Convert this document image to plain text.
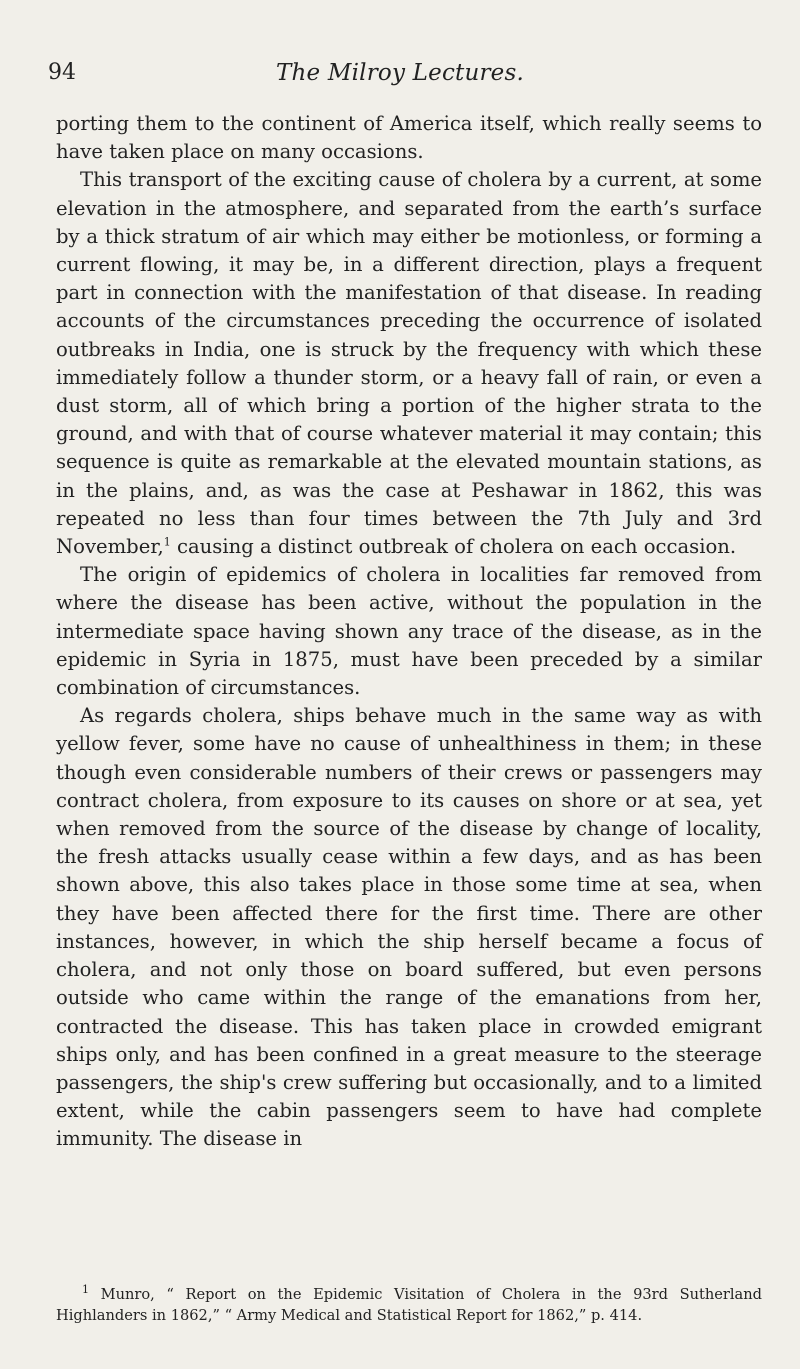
94	The Milroy Lectures.

porting them to the continent of America itself, which really seems to have taken place on many occasions.

This transport of the exciting cause of cholera by a current, at some elevation in the atmosphere, and separated from the earth’s surface by a thick stratum of air which may either be motionless, or forming a current flowing, it may be, in a different direction, plays a frequent part in connection with the manifestation of that disease. In reading accounts of the circumstances preceding the occurrence of isolated outbreaks in India, one is struck by the frequency with which these immediately follow a thunder storm, or a heavy fall of rain, or even a dust storm, all of which bring a portion of the higher strata to the ground, and with that of course whatever material it may contain; this sequence is quite as remarkable at the elevated mountain stations, as in the plains, and, as was the case at Peshawar in 1862, this was repeated no less than four times between the 7th July and 3rd November,$^1$ causing a distinct outbreak of cholera on each occasion.

The origin of epidemics of cholera in localities far removed from where the disease has been active, without the population in the intermediate space having shown any trace of the disease, as in the epidemic in Syria in 1875, must have been preceded by a similar combination of circumstances.

As regards cholera, ships behave much in the same way as with yellow fever, some have no cause of unhealthiness in them; in these though even considerable numbers of their crews or passengers may contract cholera, from exposure to its causes on shore or at sea, yet when removed from the source of the disease by change of locality, the fresh attacks usually cease within a few days, and as has been shown above, this also takes place in those some time at sea, when they have been affected there for the first time. There are other instances, however, in which the ship herself became a focus of cholera, and not only those on board suffered, but even persons outside who came within the range of the emanations from her, contracted the disease. This has taken place in crowded emigrant ships only, and has been confined in a great measure to the steerage passengers, the ship's crew suffering but occasionally, and to a limited extent, while the cabin passengers seem to have had complete immunity. The disease in

$^1$ Munro, “ Report on the Epidemic Visitation of Cholera in the 93rd Sutherland Highlanders in 1862,” “ Army Medical and Statistical Report for 1862,” p. 414.
